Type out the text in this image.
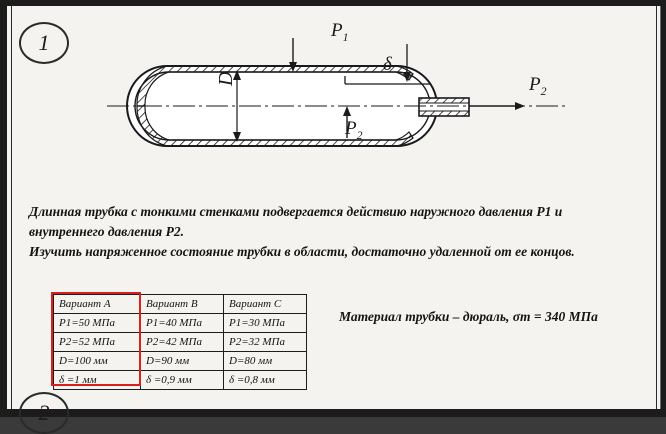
1
2
$P_1$
$P_2$
$P_2$
D
δ

Длинная трубка с тонкими стенками подвергается действию наружного давления P1 и

внутреннего давления P2.

Изучить напряженное состояние трубки в области, достаточно удаленной от ее концов.

Вариант A	Вариант B	Вариант C
P1=50 МПа	P1=40 МПа	P1=30 МПа
P2=52 МПа	P2=42 МПа	P2=32 МПа
D=100 мм	D=90 мм	D=80 мм
δ =1 мм	δ =0,9 мм	δ =0,8 мм
Материал трубки – дюраль, σт = 340 МПа
